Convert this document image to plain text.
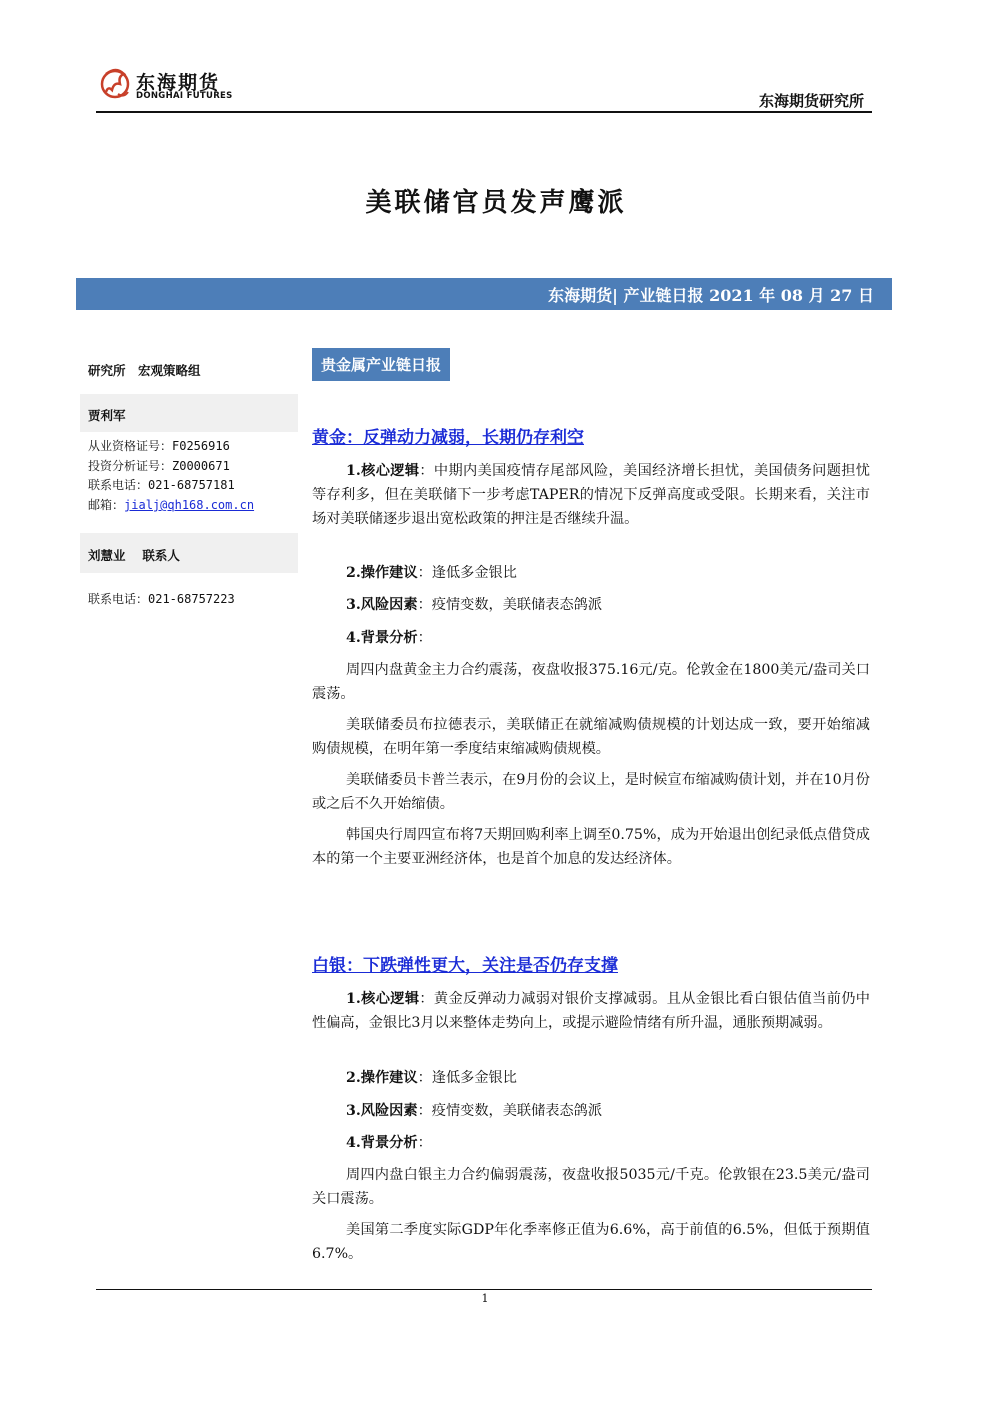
东海期货
DONGHAI FUTURES	东海期货研究所
美联储官员发声鹰派
东海期货| 产业链日报 2021 年 08 月 27 日
研究所　宏观策略组
贾利军
从业资格证号：F0256916
投资分析证号：Z0000671
联系电话：021-68757181
邮箱：jialj@qh168.com.cn
刘慧业　 联系人
联系电话：021-68757223
贵金属产业链日报
黄金：反弹动力减弱，长期仍存利空
1.核心逻辑：中期内美国疫情存尾部风险，美国经济增长担忧，美国债务问题担忧等存利多，但在美联储下一步考虑TAPER的情况下反弹高度或受限。长期来看，关注市场对美联储逐步退出宽松政策的押注是否继续升温。
2.操作建议：逢低多金银比
3.风险因素：疫情变数，美联储表态鸽派
4.背景分析：
周四内盘黄金主力合约震荡，夜盘收报375.16元/克。伦敦金在1800美元/盎司关口震荡。
美联储委员布拉德表示，美联储正在就缩减购债规模的计划达成一致，要开始缩减购债规模，在明年第一季度结束缩减购债规模。
美联储委员卡普兰表示，在9月份的会议上，是时候宣布缩减购债计划，并在10月份或之后不久开始缩债。
韩国央行周四宣布将7天期回购利率上调至0.75%，成为开始退出创纪录低点借贷成本的第一个主要亚洲经济体，也是首个加息的发达经济体。
白银：下跌弹性更大，关注是否仍存支撑
1.核心逻辑：黄金反弹动力减弱对银价支撑减弱。且从金银比看白银估值当前仍中性偏高，金银比3月以来整体走势向上，或提示避险情绪有所升温，通胀预期减弱。
2.操作建议：逢低多金银比
3.风险因素：疫情变数，美联储表态鸽派
4.背景分析：
周四内盘白银主力合约偏弱震荡，夜盘收报5035元/千克。伦敦银在23.5美元/盎司关口震荡。
美国第二季度实际GDP年化季率修正值为6.6%，高于前值的6.5%，但低于预期值6.7%。
1
